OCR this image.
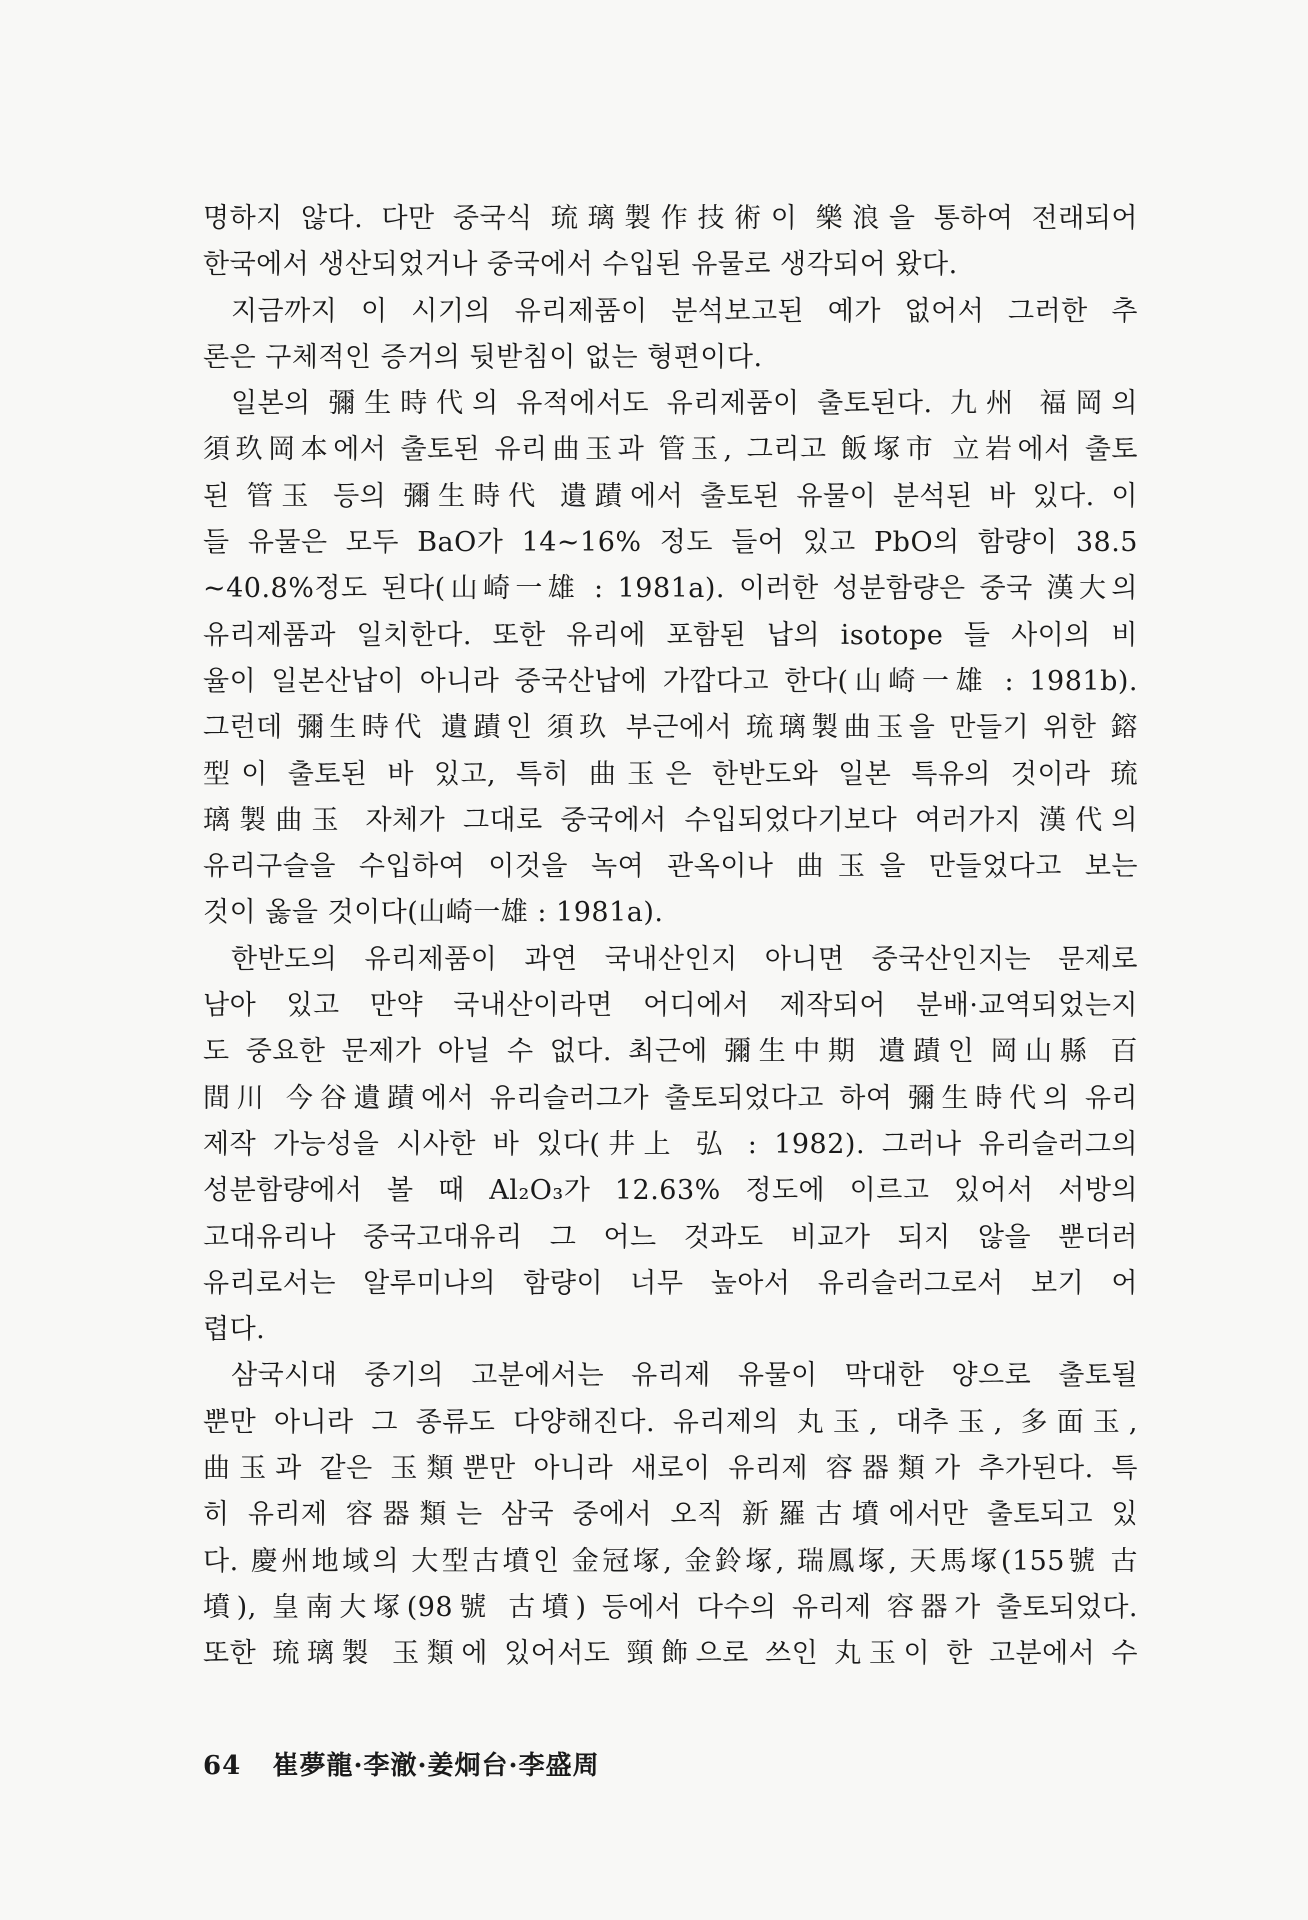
명하지 않다. 다만 중국식 琉璃製作技術이 樂浪을 통하여 전래되어
한국에서 생산되었거나 중국에서 수입된 유물로 생각되어 왔다.
지금까지 이 시기의 유리제품이 분석보고된 예가 없어서 그러한 추
론은 구체적인 증거의 뒷받침이 없는 형편이다.
일본의 彌生時代의 유적에서도 유리제품이 출토된다. 九州 福岡의
須玖岡本에서 출토된 유리曲玉과 管玉, 그리고 飯塚市 立岩에서 출토
된 管玉 등의 彌生時代 遺蹟에서 출토된 유물이 분석된 바 있다. 이
들 유물은 모두 BaO가 14~16% 정도 들어 있고 PbO의 함량이 38.5
~40.8%정도 된다(山崎一雄 : 1981a). 이러한 성분함량은 중국 漢大의
유리제품과 일치한다. 또한 유리에 포함된 납의 isotope 들 사이의 비
율이 일본산납이 아니라 중국산납에 가깝다고 한다(山崎一雄 : 1981b).
그런데 彌生時代 遺蹟인 須玖 부근에서 琉璃製曲玉을 만들기 위한 鎔
型이 출토된 바 있고, 특히 曲玉은 한반도와 일본 특유의 것이라 琉
璃製曲玉 자체가 그대로 중국에서 수입되었다기보다 여러가지 漢代의
유리구슬을 수입하여 이것을 녹여 관옥이나 曲玉을 만들었다고 보는
것이 옳을 것이다(山崎一雄 : 1981a).
한반도의 유리제품이 과연 국내산인지 아니면 중국산인지는 문제로
남아 있고 만약 국내산이라면 어디에서 제작되어 분배·교역되었는지
도 중요한 문제가 아닐 수 없다. 최근에 彌生中期 遺蹟인 岡山縣 百
間川 今谷遺蹟에서 유리슬러그가 출토되었다고 하여 彌生時代의 유리
제작 가능성을 시사한 바 있다(井上 弘 : 1982). 그러나 유리슬러그의
성분함량에서 볼 때 Al₂O₃가 12.63% 정도에 이르고 있어서 서방의
고대유리나 중국고대유리 그 어느 것과도 비교가 되지 않을 뿐더러
유리로서는 알루미나의 함량이 너무 높아서 유리슬러그로서 보기 어
렵다.
삼국시대 중기의 고분에서는 유리제 유물이 막대한 양으로 출토될
뿐만 아니라 그 종류도 다양해진다. 유리제의 丸玉, 대추玉, 多面玉,
曲玉과 같은 玉類뿐만 아니라 새로이 유리제 容器類가 추가된다. 특
히 유리제 容器類는 삼국 중에서 오직 新羅古墳에서만 출토되고 있
다. 慶州地域의 大型古墳인 金冠塚, 金鈴塚, 瑞鳳塚, 天馬塚(155號 古
墳), 皇南大塚(98號 古墳) 등에서 다수의 유리제 容器가 출토되었다.
또한 琉璃製 玉類에 있어서도 頸飾으로 쓰인 丸玉이 한 고분에서 수
64 崔夢龍·李澈·姜炯台·李盛周
